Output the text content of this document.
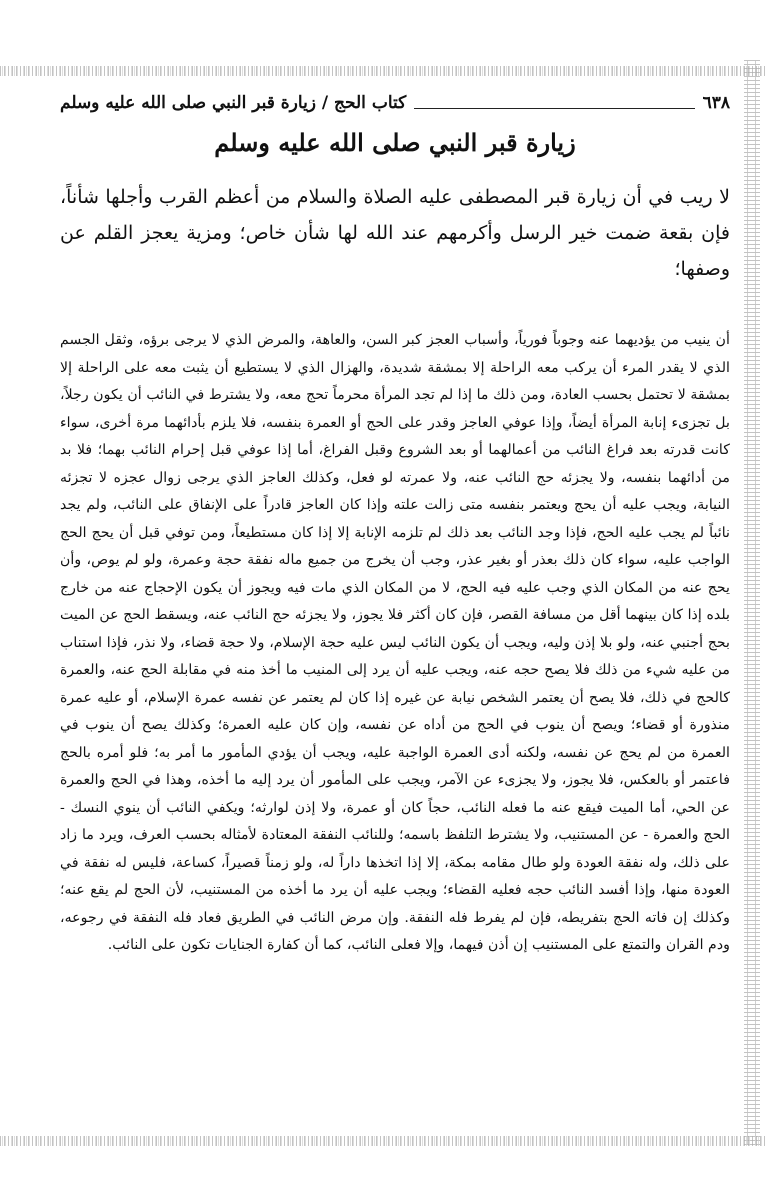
٦٣٨
كتاب الحج / زيارة قبر النبي صلى الله عليه وسلم
زيارة قبر النبي صلى الله عليه وسلم

لا ريب في أن زيارة قبر المصطفى عليه الصلاة والسلام من أعظم القرب وأجلها شأناً، فإن بقعة ضمت خير الرسل وأكرمهم عند الله لها شأن خاص؛ ومزية يعجز القلم عن وصفها؛

أن ينيب من يؤديهما عنه وجوباً فورياً، وأسباب العجز كبر السن، والعاهة، والمرض الذي لا يرجى برؤه، وثقل الجسم الذي لا يقدر المرء أن يركب معه الراحلة إلا بمشقة شديدة، والهزال الذي لا يستطيع أن يثبت معه على الراحلة إلا بمشقة لا تحتمل بحسب العادة، ومن ذلك ما إذا لم تجد المرأة محرماً تحج معه، ولا يشترط في النائب أن يكون رجلاً، بل تجزىء إنابة المرأة أيضاً، وإذا عوفي العاجز وقدر على الحج أو العمرة بنفسه، فلا يلزم بأدائهما مرة أخرى، سواء كانت قدرته بعد فراغ النائب من أعمالهما أو بعد الشروع وقبل الفراغ، أما إذا عوفي قبل إحرام النائب بهما؛ فلا بد من أدائهما بنفسه، ولا يجزئه حج النائب عنه، ولا عمرته لو فعل، وكذلك العاجز الذي يرجى زوال عجزه لا تجزئه النيابة، ويجب عليه أن يحج ويعتمر بنفسه متى زالت علته وإذا كان العاجز قادراً على الإنفاق على النائب، ولم يجد نائباً لم يجب عليه الحج، فإذا وجد النائب بعد ذلك لم تلزمه الإنابة إلا إذا كان مستطيعاً، ومن توفي قبل أن يحج الحج الواجب عليه، سواء كان ذلك بعذر أو بغير عذر، وجب أن يخرج من جميع ماله نفقة حجة وعمرة، ولو لم يوص، وأن يحج عنه من المكان الذي وجب عليه فيه الحج، لا من المكان الذي مات فيه ويجوز أن يكون الإحجاج عنه من خارج بلده إذا كان بينهما أقل من مسافة القصر، فإن كان أكثر فلا يجوز، ولا يجزئه حج النائب عنه، ويسقط الحج عن الميت بحج أجنبي عنه، ولو بلا إذن وليه، ويجب أن يكون النائب ليس عليه حجة الإسلام، ولا حجة قضاء، ولا نذر، فإذا استناب من عليه شيء من ذلك فلا يصح حجه عنه، ويجب عليه أن يرد إلى المنيب ما أخذ منه في مقابلة الحج عنه، والعمرة كالحج في ذلك، فلا يصح أن يعتمر الشخص نيابة عن غيره إذا كان لم يعتمر عن نفسه عمرة الإسلام، أو عليه عمرة منذورة أو قضاء؛ ويصح أن ينوب في الحج من أداه عن نفسه، وإن كان عليه العمرة؛ وكذلك يصح أن ينوب في العمرة من لم يحج عن نفسه، ولكنه أدى العمرة الواجبة عليه، ويجب أن يؤدي المأمور ما أمر به؛ فلو أمره بالحج فاعتمر أو بالعكس، فلا يجوز، ولا يجزىء عن الآمر، ويجب على المأمور أن يرد إليه ما أخذه، وهذا في الحج والعمرة عن الحي، أما الميت فيقع عنه ما فعله النائب، حجاً كان أو عمرة، ولا إذن لوارثه؛ ويكفي النائب أن ينوي النسك - الحج والعمرة - عن المستنيب، ولا يشترط التلفظ باسمه؛ وللنائب النفقة المعتادة لأمثاله بحسب العرف، ويرد ما زاد على ذلك، وله نفقة العودة ولو طال مقامه بمكة، إلا إذا اتخذها داراً له، ولو زمناً قصيراً، كساعة، فليس له نفقة في العودة منها، وإذا أفسد النائب حجه فعليه القضاء؛ ويجب عليه أن يرد ما أخذه من المستنيب، لأن الحج لم يقع عنه؛ وكذلك إن فاته الحج بتفريطه، فإن لم يفرط فله النفقة. وإن مرض النائب في الطريق فعاد فله النفقة في رجوعه، ودم القران والتمتع على المستنيب إن أذن فيهما، وإلا فعلى النائب، كما أن كفارة الجنايات تكون على النائب.
